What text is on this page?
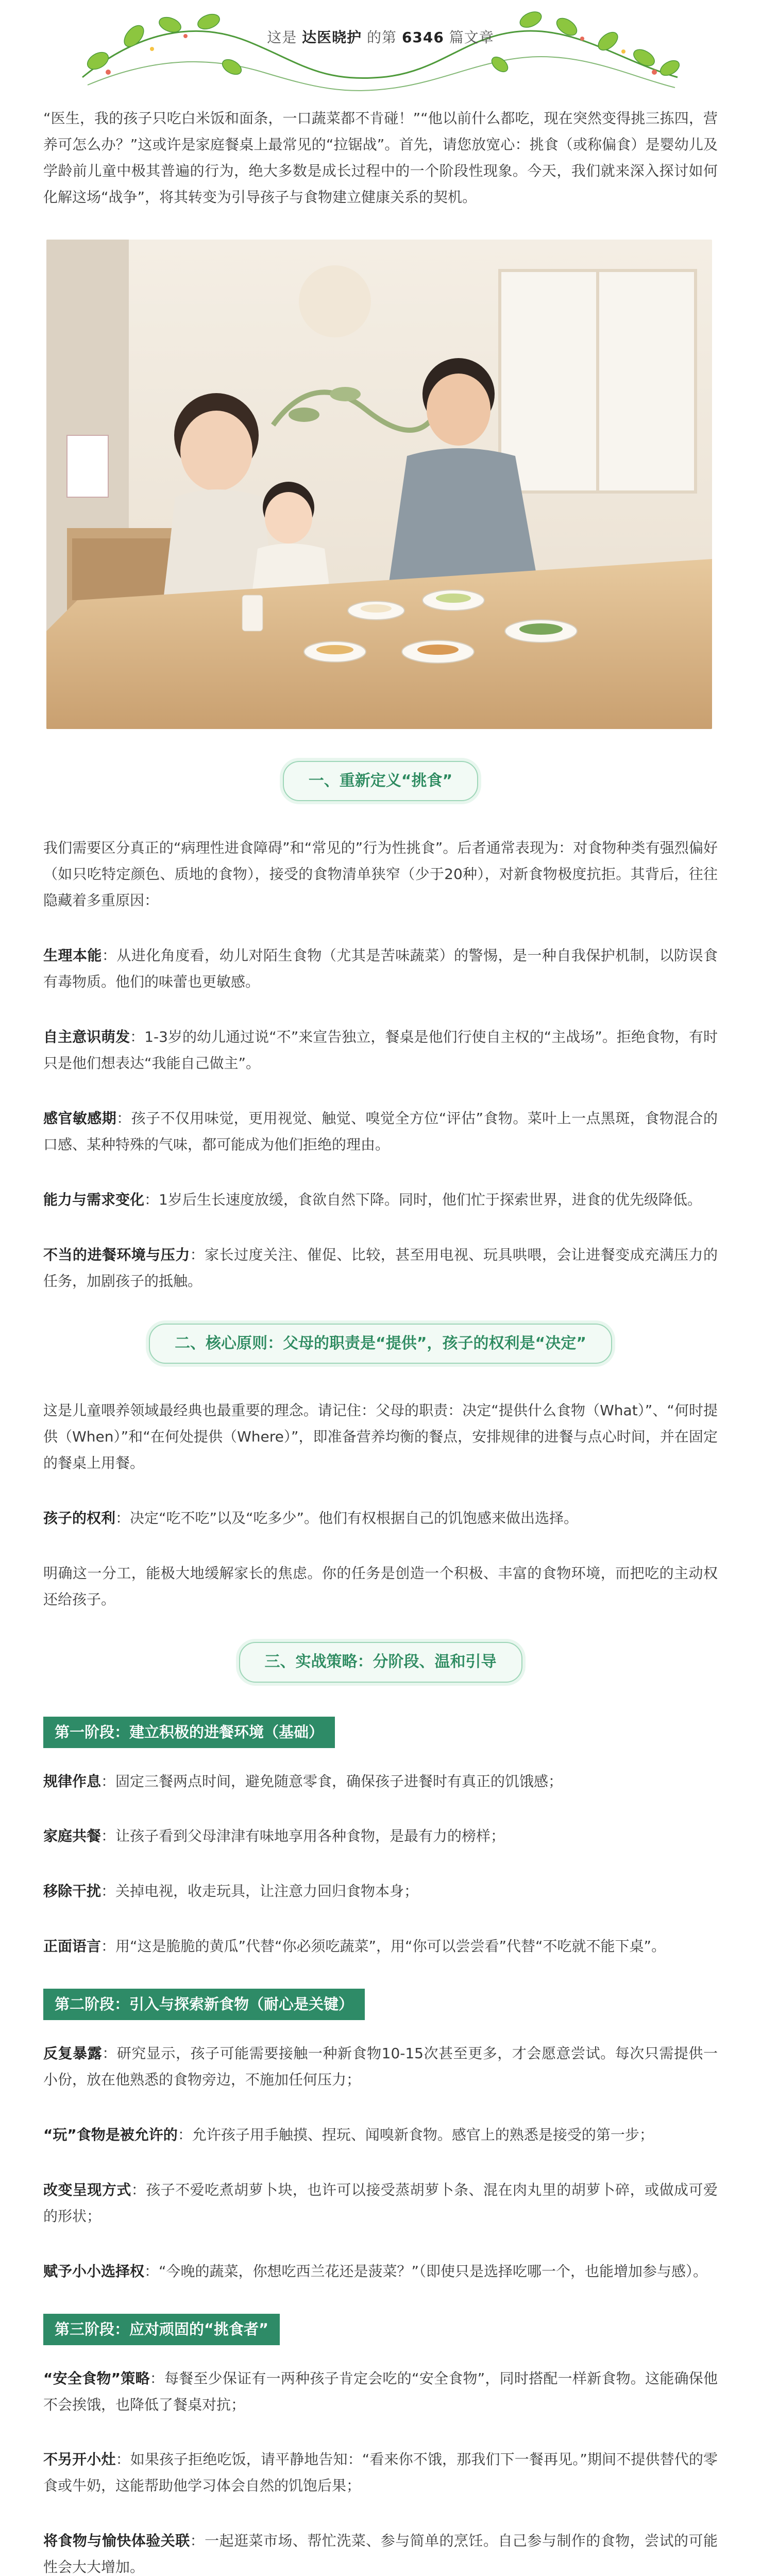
这是 达医晓护 的第 6346 篇文章

“医生，我的孩子只吃白米饭和面条，一口蔬菜都不肯碰！”“他以前什么都吃，现在突然变得挑三拣四，营养可怎么办？”这或许是家庭餐桌上最常见的“拉锯战”。首先，请您放宽心：挑食（或称偏食）是婴幼儿及学龄前儿童中极其普遍的行为，绝大多数是成长过程中的一个阶段性现象。今天，我们就来深入探讨如何化解这场“战争”，将其转变为引导孩子与食物建立健康关系的契机。

一、重新定义“挑食”

我们需要区分真正的“病理性进食障碍”和“常见的”行为性挑食”。后者通常表现为：对食物种类有强烈偏好（如只吃特定颜色、质地的食物），接受的食物清单狭窄（少于20种），对新食物极度抗拒。其背后，往往隐藏着多重原因：

生理本能：从进化角度看，幼儿对陌生食物（尤其是苦味蔬菜）的警惕，是一种自我保护机制，以防误食有毒物质。他们的味蕾也更敏感。

自主意识萌发：1-3岁的幼儿通过说“不”来宣告独立，餐桌是他们行使自主权的“主战场”。拒绝食物，有时只是他们想表达“我能自己做主”。

感官敏感期：孩子不仅用味觉，更用视觉、触觉、嗅觉全方位“评估”食物。菜叶上一点黑斑，食物混合的口感、某种特殊的气味，都可能成为他们拒绝的理由。

能力与需求变化：1岁后生长速度放缓，食欲自然下降。同时，他们忙于探索世界，进食的优先级降低。

不当的进餐环境与压力：家长过度关注、催促、比较，甚至用电视、玩具哄喂，会让进餐变成充满压力的任务，加剧孩子的抵触。

二、核心原则：父母的职责是“提供”，孩子的权利是“决定”

这是儿童喂养领域最经典也最重要的理念。请记住：父母的职责：决定“提供什么食物（What）”、“何时提供（When）”和“在何处提供（Where）”，即准备营养均衡的餐点，安排规律的进餐与点心时间，并在固定的餐桌上用餐。

孩子的权利：决定“吃不吃”以及“吃多少”。他们有权根据自己的饥饱感来做出选择。

明确这一分工，能极大地缓解家长的焦虑。你的任务是创造一个积极、丰富的食物环境，而把吃的主动权还给孩子。

三、实战策略：分阶段、温和引导
第一阶段：建立积极的进餐环境（基础）

规律作息：固定三餐两点时间，避免随意零食，确保孩子进餐时有真正的饥饿感；

家庭共餐：让孩子看到父母津津有味地享用各种食物，是最有力的榜样；

移除干扰：关掉电视，收走玩具，让注意力回归食物本身；

正面语言：用“这是脆脆的黄瓜”代替“你必须吃蔬菜”，用“你可以尝尝看”代替“不吃就不能下桌”。

第二阶段：引入与探索新食物（耐心是关键）

反复暴露：研究显示，孩子可能需要接触一种新食物10-15次甚至更多，才会愿意尝试。每次只需提供一小份，放在他熟悉的食物旁边，不施加任何压力；

“玩”食物是被允许的：允许孩子用手触摸、捏玩、闻嗅新食物。感官上的熟悉是接受的第一步；

改变呈现方式：孩子不爱吃煮胡萝卜块，也许可以接受蒸胡萝卜条、混在肉丸里的胡萝卜碎，或做成可爱的形状；

赋予小小选择权：“今晚的蔬菜，你想吃西兰花还是菠菜？”（即使只是选择吃哪一个，也能增加参与感）。

第三阶段：应对顽固的“挑食者”

“安全食物”策略：每餐至少保证有一两种孩子肯定会吃的“安全食物”，同时搭配一样新食物。这能确保他不会挨饿，也降低了餐桌对抗；

不另开小灶：如果孩子拒绝吃饭，请平静地告知：“看来你不饿，那我们下一餐再见。”期间不提供替代的零食或牛奶，这能帮助他学习体会自然的饥饱后果；

将食物与愉快体验关联：一起逛菜市场、帮忙洗菜、参与简单的烹饪。自己参与制作的食物，尝试的可能性会大大增加。
